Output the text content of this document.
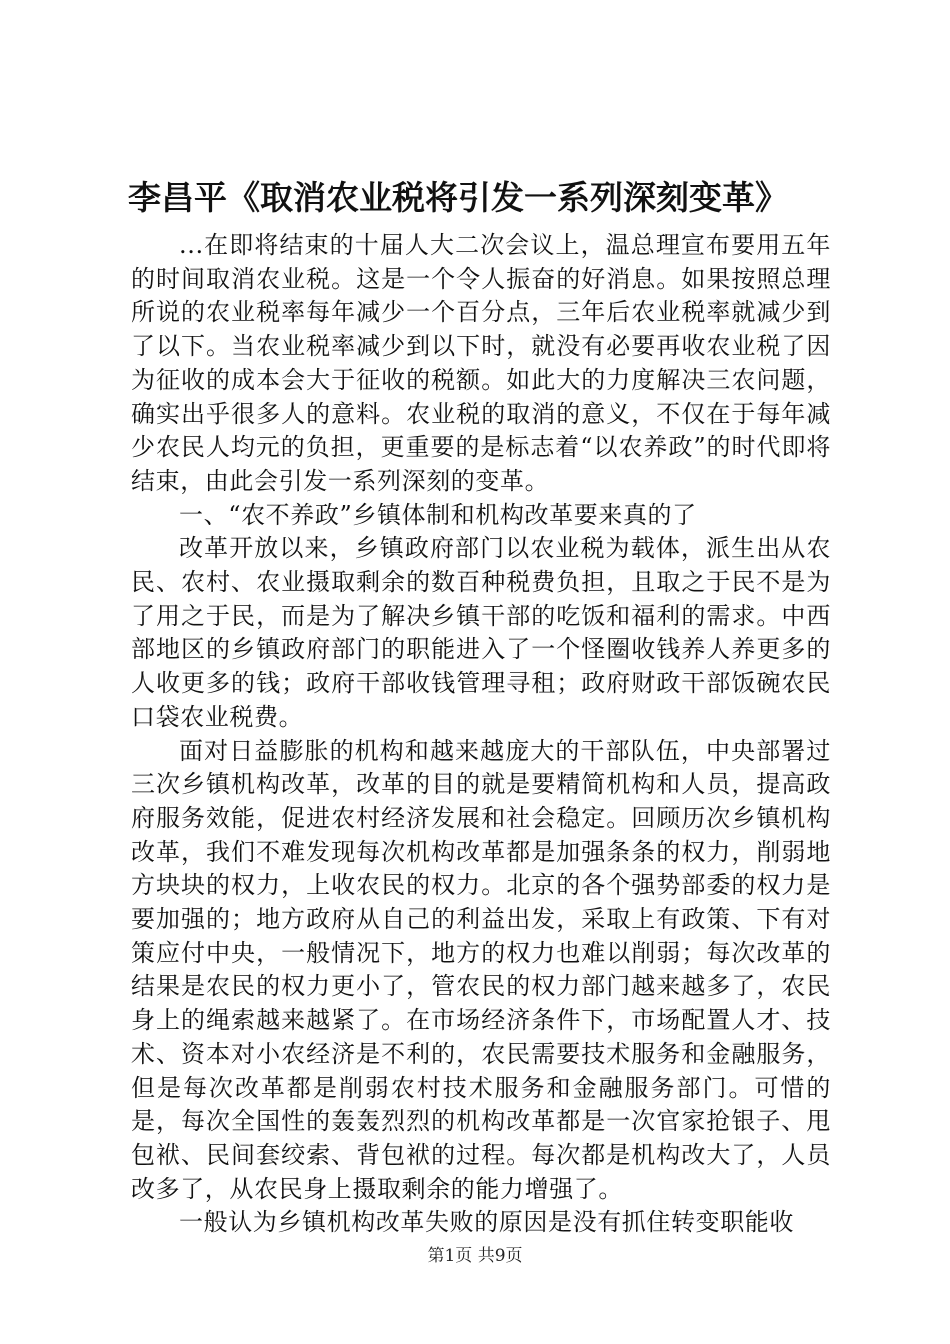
李昌平《取消农业税将引发一系列深刻变革》

...在即将结束的十届人大二次会议上，温总理宣布要用五年的时间取消农业税。这是一个令人振奋的好消息。如果按照总理所说的农业税率每年减少一个百分点，三年后农业税率就减少到了以下。当农业税率减少到以下时，就没有必要再收农业税了因为征收的成本会大于征收的税额。如此大的力度解决三农问题，确实出乎很多人的意料。农业税的取消的意义，不仅在于每年减少农民人均元的负担，更重要的是标志着“以农养政”的时代即将结束，由此会引发一系列深刻的变革。

一、“农不养政”乡镇体制和机构改革要来真的了

改革开放以来，乡镇政府部门以农业税为载体，派生出从农民、农村、农业摄取剩余的数百种税费负担，且取之于民不是为了用之于民，而是为了解决乡镇干部的吃饭和福利的需求。中西部地区的乡镇政府部门的职能进入了一个怪圈收钱养人养更多的人收更多的钱；政府干部收钱管理寻租；政府财政干部饭碗农民口袋农业税费。

面对日益膨胀的机构和越来越庞大的干部队伍，中央部署过三次乡镇机构改革，改革的目的就是要精简机构和人员，提高政府服务效能，促进农村经济发展和社会稳定。回顾历次乡镇机构改革，我们不难发现每次机构改革都是加强条条的权力，削弱地方块块的权力，上收农民的权力。北京的各个强势部委的权力是要加强的；地方政府从自己的利益出发，采取上有政策、下有对策应付中央，一般情况下，地方的权力也难以削弱；每次改革的结果是农民的权力更小了，管农民的权力部门越来越多了，农民身上的绳索越来越紧了。在市场经济条件下，市场配置人才、技术、资本对小农经济是不利的，农民需要技术服务和金融服务，但是每次改革都是削弱农村技术服务和金融服务部门。可惜的是，每次全国性的轰轰烈烈的机构改革都是一次官家抢银子、甩包袱、民间套绞索、背包袱的过程。每次都是机构改大了，人员改多了，从农民身上摄取剩余的能力增强了。

一般认为乡镇机构改革失败的原因是没有抓住转变职能收

第1页 共9页
